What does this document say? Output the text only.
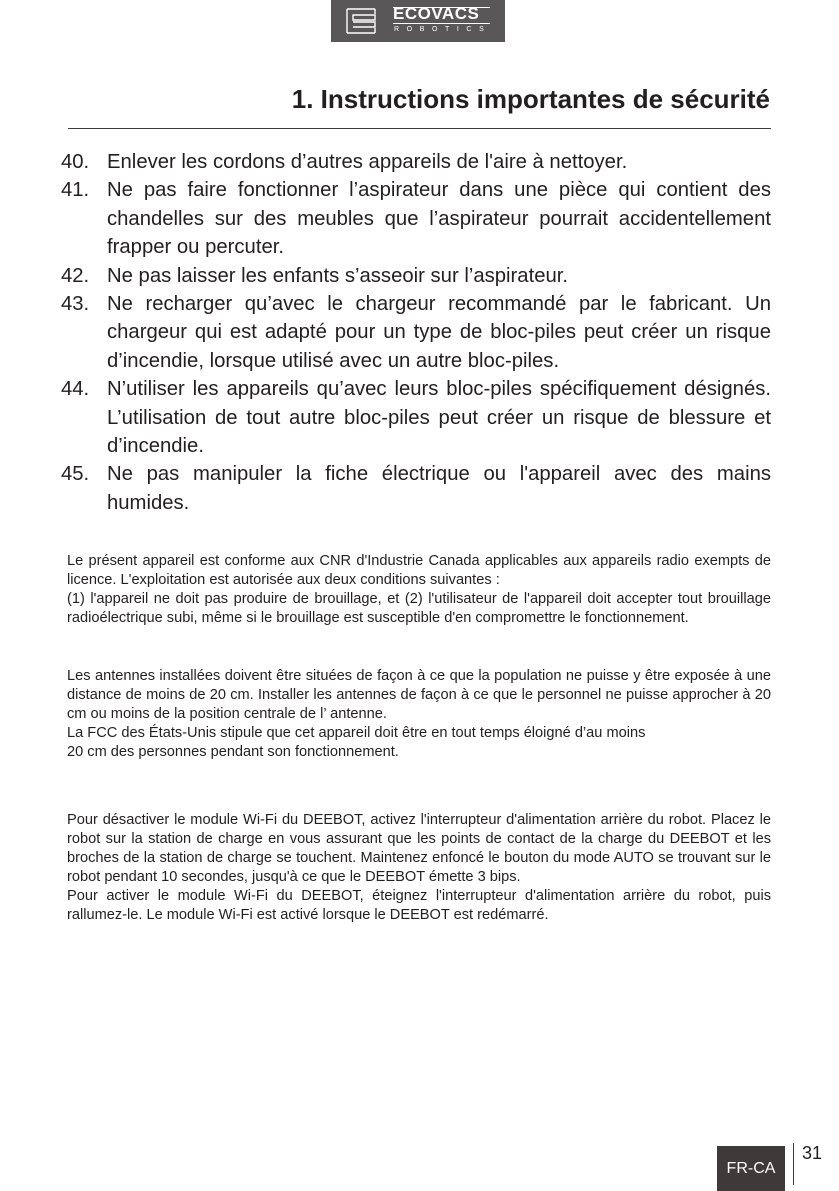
ECOVACS
ROBOTICS
1. Instructions importantes de sécurité
40. Enlever les cordons d’autres appareils de l'aire à nettoyer.
41. Ne pas faire fonctionner l’aspirateur dans une pièce qui contient des chandelles sur des meubles que l’aspirateur pourrait accidentellement frapper ou percuter.
42. Ne pas laisser les enfants s’asseoir sur l’aspirateur.
43. Ne recharger qu’avec le chargeur recommandé par le fabricant. Un chargeur qui est adapté pour un type de bloc-piles peut créer un risque d’incendie, lorsque utilisé avec un autre bloc-piles.
44. N’utiliser les appareils qu’avec leurs bloc-piles spécifiquement désignés. L’utilisation de tout autre bloc-piles peut créer un risque de blessure et d’incendie.
45. Ne pas manipuler la fiche électrique ou l'appareil avec des mains humides.

Le présent appareil est conforme aux CNR d'Industrie Canada applicables aux appareils radio exempts de licence. L'exploitation est autorisée aux deux conditions suivantes :
(1) l'appareil ne doit pas produire de brouillage, et (2) l'utilisateur de l'appareil doit accepter tout brouillage radioélectrique subi, même si le brouillage est susceptible d'en compromettre le fonctionnement.

Les antennes installées doivent être situées de façon à ce que la population ne puisse y être exposée à une distance de moins de 20 cm. Installer les antennes de façon à ce que le personnel ne puisse approcher à 20 cm ou moins de la position centrale de l’ antenne.
La FCC des États-Unis stipule que cet appareil doit être en tout temps éloigné d’au moins
20 cm des personnes pendant son fonctionnement.

Pour désactiver le module Wi-Fi du DEEBOT, activez l'interrupteur d'alimentation arrière du robot. Placez le robot sur la station de charge en vous assurant que les points de contact de la charge du DEEBOT et les broches de la station de charge se touchent. Maintenez enfoncé le bouton du mode AUTO se trouvant sur le robot pendant 10 secondes, jusqu'à ce que le DEEBOT émette 3 bips.
Pour activer le module Wi-Fi du DEEBOT, éteignez l'interrupteur d'alimentation arrière du robot, puis rallumez-le. Le module Wi-Fi est activé lorsque le DEEBOT est redémarré.

FR-CA
31
